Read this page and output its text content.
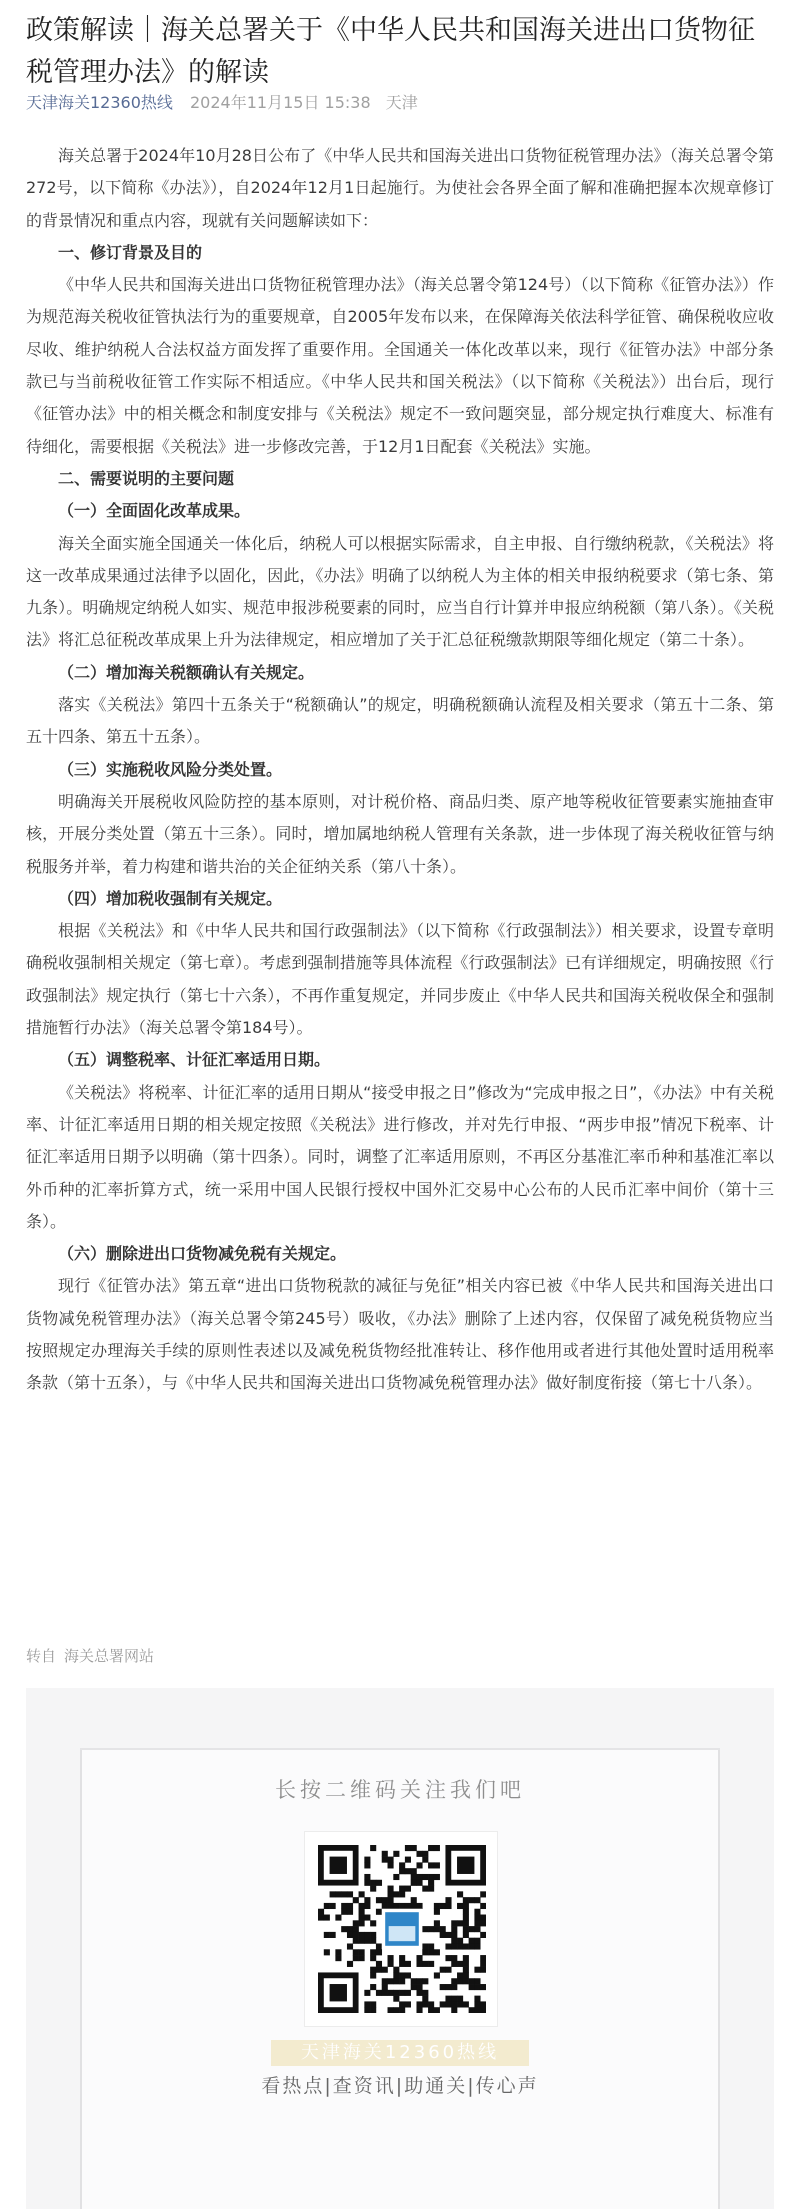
政策解读｜海关总署关于《中华人民共和国海关进出口货物征税管理办法》的解读
天津海关12360热线 2024年11月15日 15:38 天津

海关总署于2024年10月28日公布了《中华人民共和国海关进出口货物征税管理办法》（海关总署令第272号，以下简称《办法》），自2024年12月1日起施行。为使社会各界全面了解和准确把握本次规章修订的背景情况和重点内容，现就有关问题解读如下：

一、修订背景及目的

《中华人民共和国海关进出口货物征税管理办法》（海关总署令第124号）（以下简称《征管办法》）作为规范海关税收征管执法行为的重要规章，自2005年发布以来，在保障海关依法科学征管、确保税收应收尽收、维护纳税人合法权益方面发挥了重要作用。全国通关一体化改革以来，现行《征管办法》中部分条款已与当前税收征管工作实际不相适应。《中华人民共和国关税法》（以下简称《关税法》）出台后，现行《征管办法》中的相关概念和制度安排与《关税法》规定不一致问题突显，部分规定执行难度大、标准有待细化，需要根据《关税法》进一步修改完善，于12月1日配套《关税法》实施。

二、需要说明的主要问题

（一）全面固化改革成果。

海关全面实施全国通关一体化后，纳税人可以根据实际需求，自主申报、自行缴纳税款，《关税法》将这一改革成果通过法律予以固化，因此，《办法》明确了以纳税人为主体的相关申报纳税要求（第七条、第九条）。明确规定纳税人如实、规范申报涉税要素的同时，应当自行计算并申报应纳税额（第八条）。《关税法》将汇总征税改革成果上升为法律规定，相应增加了关于汇总征税缴款期限等细化规定（第二十条）。

（二）增加海关税额确认有关规定。

落实《关税法》第四十五条关于“税额确认”的规定，明确税额确认流程及相关要求（第五十二条、第五十四条、第五十五条）。

（三）实施税收风险分类处置。

明确海关开展税收风险防控的基本原则，对计税价格、商品归类、原产地等税收征管要素实施抽查审核，开展分类处置（第五十三条）。同时，增加属地纳税人管理有关条款，进一步体现了海关税收征管与纳税服务并举，着力构建和谐共治的关企征纳关系（第八十条）。

（四）增加税收强制有关规定。

根据《关税法》和《中华人民共和国行政强制法》（以下简称《行政强制法》）相关要求，设置专章明确税收强制相关规定（第七章）。考虑到强制措施等具体流程《行政强制法》已有详细规定，明确按照《行政强制法》规定执行（第七十六条），不再作重复规定，并同步废止《中华人民共和国海关税收保全和强制措施暂行办法》（海关总署令第184号）。

（五）调整税率、计征汇率适用日期。

《关税法》将税率、计征汇率的适用日期从“接受申报之日”修改为“完成申报之日”，《办法》中有关税率、计征汇率适用日期的相关规定按照《关税法》进行修改，并对先行申报、“两步申报”情况下税率、计征汇率适用日期予以明确（第十四条）。同时，调整了汇率适用原则，不再区分基准汇率币种和基准汇率以外币种的汇率折算方式，统一采用中国人民银行授权中国外汇交易中心公布的人民币汇率中间价（第十三条）。

（六）删除进出口货物减免税有关规定。

现行《征管办法》第五章“进出口货物税款的减征与免征”相关内容已被《中华人民共和国海关进出口货物减免税管理办法》（海关总署令第245号）吸收，《办法》删除了上述内容，仅保留了减免税货物应当按照规定办理海关手续的原则性表述以及减免税货物经批准转让、移作他用或者进行其他处置时适用税率条款（第十五条），与《中华人民共和国海关进出口货物减免税管理办法》做好制度衔接（第七十八条）。

转自 海关总署网站
长按二维码关注我们吧
天津海关12360热线
看热点|查资讯|助通关|传心声
